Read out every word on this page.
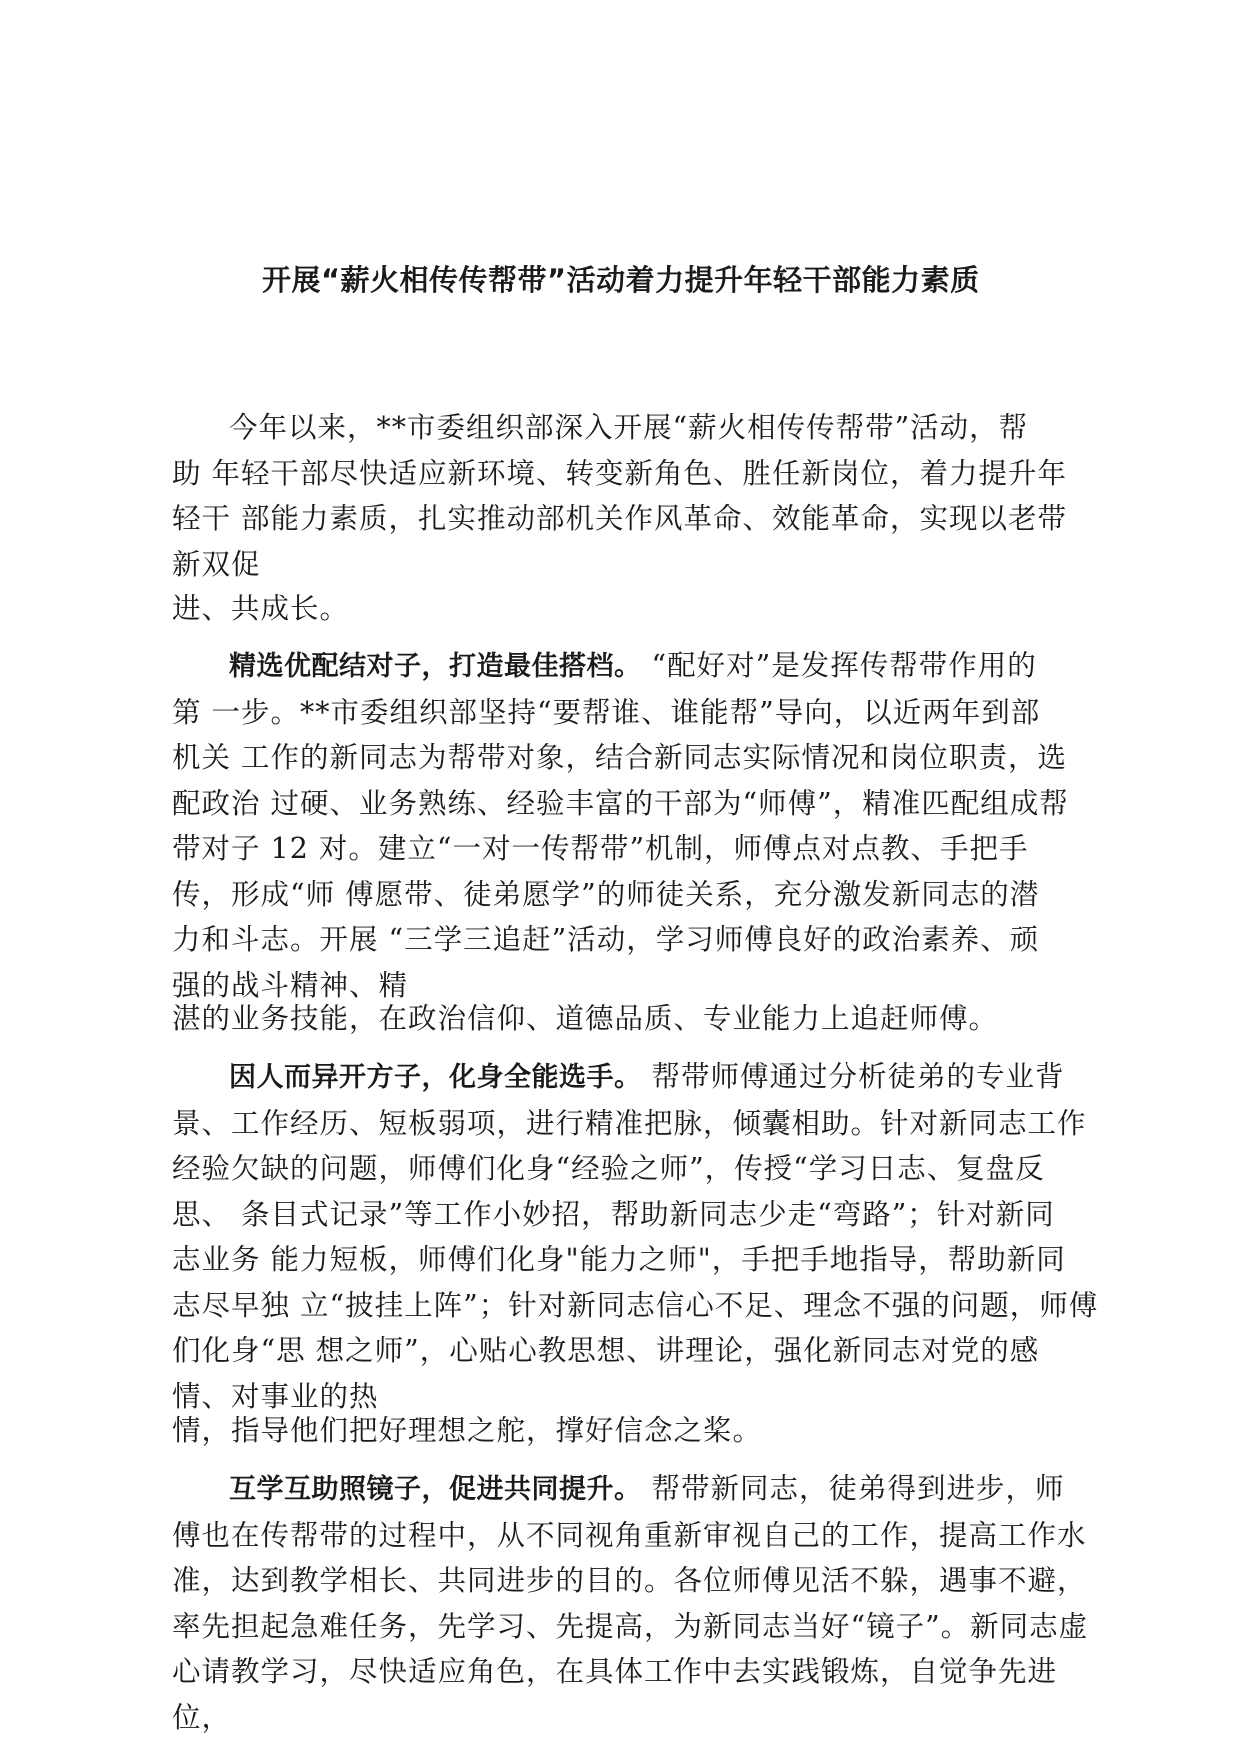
开展“薪火相传传帮带”活动着力提升年轻干部能力素质
今年以来，**市委组织部深入开展“薪火相传传帮带”活动，帮
助 年轻干部尽快适应新环境、转变新角色、胜任新岗位，着力提升年
轻干 部能力素质，扎实推动部机关作风革命、效能革命，实现以老带
新双促

进、共成长。

精选优配结对子，打造最佳搭档。 “配好对”是发挥传帮带作用的
第 一步。**市委组织部坚持“要帮谁、谁能帮”导向，以近两年到部
机关 工作的新同志为帮带对象，结合新同志实际情况和岗位职责，选
配政治 过硬、业务熟练、经验丰富的干部为“师傅”，精准匹配组成帮
带对子 12 对。建立“一对一传帮带”机制，师傅点对点教、手把手
传，形成“师 傅愿带、徒弟愿学”的师徒关系，充分激发新同志的潜
力和斗志。开展 “三学三追赶”活动，学习师傅良好的政治素养、顽
强的战斗精神、精

湛的业务技能，在政治信仰、道德品质、专业能力上追赶师傅。

因人而异开方子，化身全能选手。 帮带师傅通过分析徒弟的专业背
景、工作经历、短板弱项，进行精准把脉，倾囊相助。针对新同志工作
经验欠缺的问题，师傅们化身“经验之师”，传授“学习日志、复盘反
思、 条目式记录”等工作小妙招，帮助新同志少走“弯路”；针对新同
志业务 能力短板，师傅们化身"能力之师"，手把手地指导，帮助新同
志尽早独 立“披挂上阵”；针对新同志信心不足、理念不强的问题，师傅
们化身“思 想之师”，心贴心教思想、讲理论，强化新同志对党的感
情、对事业的热

情，指导他们把好理想之舵，撑好信念之桨。

互学互助照镜子，促进共同提升。 帮带新同志，徒弟得到进步，师
傅也在传帮带的过程中，从不同视角重新审视自己的工作，提高工作水
准，达到教学相长、共同进步的目的。各位师傅见活不躲，遇事不避，
率先担起急难任务，先学习、先提高，为新同志当好“镜子”。新同志虚
心请教学习，尽快适应角色，在具体工作中去实践锻炼，自觉争先进
位，
